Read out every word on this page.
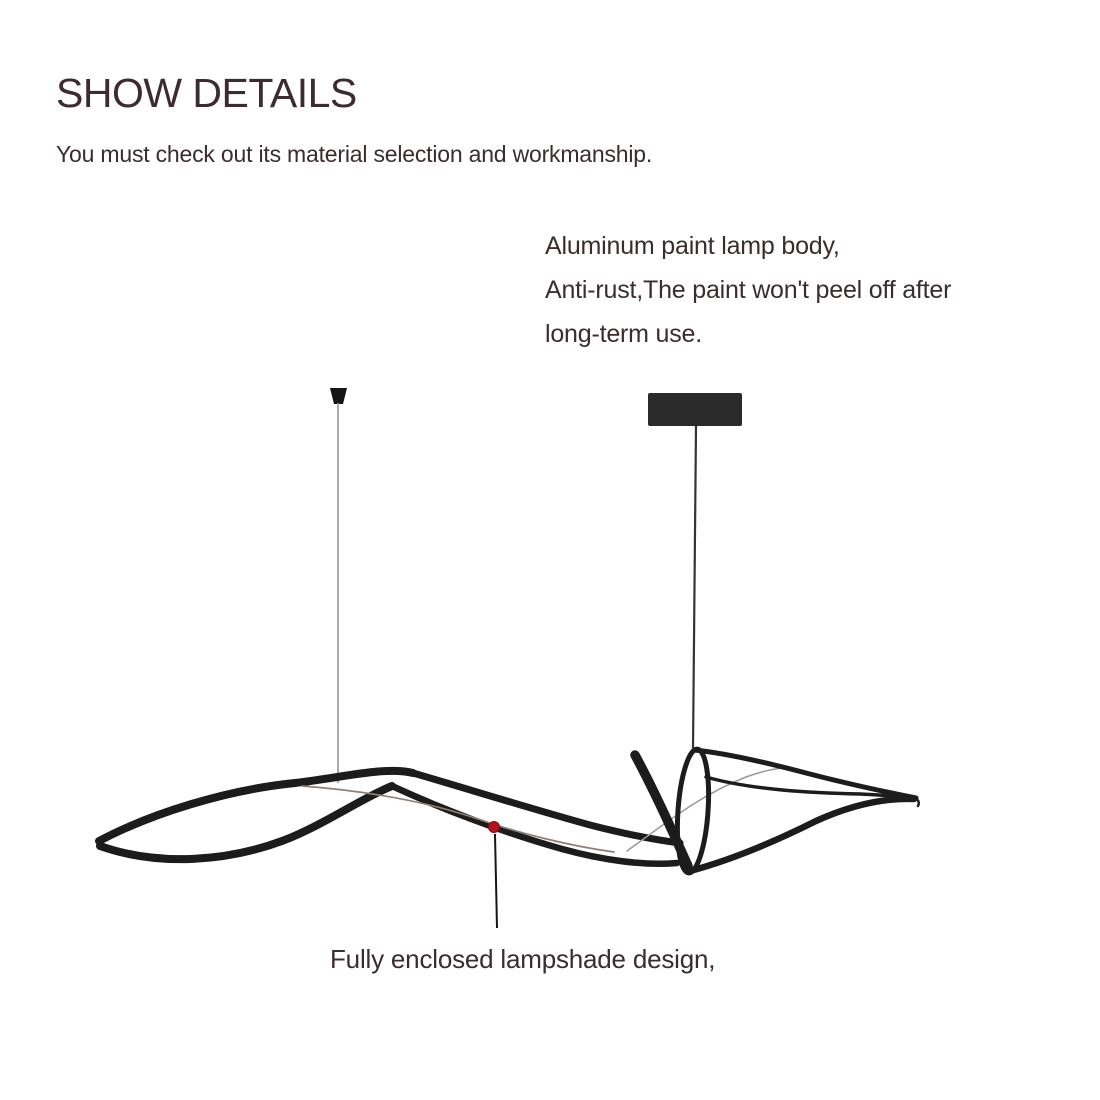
SHOW DETAILS

You must check out its material selection and workmanship.

Aluminum paint lamp body,

Anti-rust,The paint won't peel off after

long-term use.

Fully enclosed lampshade design,
